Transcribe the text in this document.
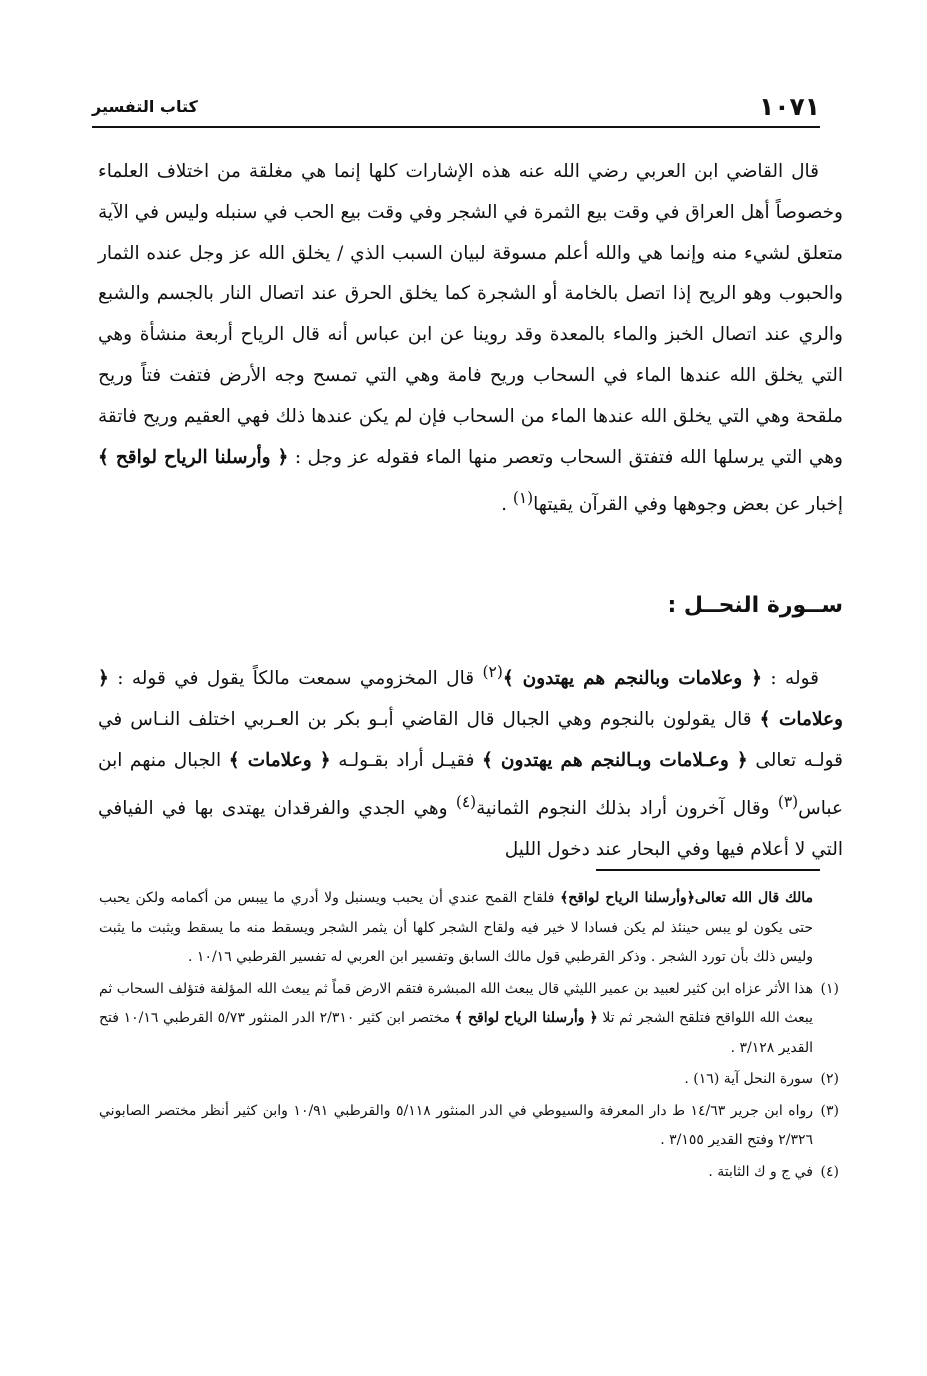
١٠٧١
كتاب التفسير

قال القاضي ابن العربي رضي الله عنه هذه الإشارات كلها إنما هي مغلقة من اختلاف العلماء وخصوصاً أهل العراق في وقت بيع الثمرة في الشجر وفي وقت بيع الحب في سنبله وليس في الآية متعلق لشيء منه وإنما هي والله أعلم مسوقة لبيان السبب الذي / يخلق الله عز وجل عنده الثمار والحبوب وهو الريح إذا اتصل بالخامة أو الشجرة كما يخلق الحرق عند اتصال النار بالجسم والشبع والري عند اتصال الخبز والماء بالمعدة وقد روينا عن ابن عباس أنه قال الرياح أربعة منشأة وهي التي يخلق الله عندها الماء في السحاب وريح فامة وهي التي تمسح وجه الأرض فتفت فتاً وريح ملقحة وهي التي يخلق الله عندها الماء من السحاب فإن لم يكن عندها ذلك فهي العقيم وريح فاتقة وهي التي يرسلها الله فتفتق السحاب وتعصر منها الماء فقوله عز وجل : ﴿ وأرسلنا الرياح لواقح ﴾ إخبار عن بعض وجوهها وفي القرآن يقيتها$^{(١)}$ .

ســورة النحــل :

قوله : ﴿ وعلامات وبالنجم هم يهتدون ﴾$^{(٢)}$ قال المخزومي سمعت مالكاً يقول في قوله : ﴿ وعلامات ﴾ قال يقولون بالنجوم وهي الجبال قال القاضي أبـو بكر بن العـربي اختلف النـاس في قولـه تعالى ﴿ وعـلامات وبـالنجم هم يهتدون ﴾ فقيـل أراد بقـولـه ﴿ وعلامات ﴾ الجبال منهم ابن عباس$^{(٣)}$ وقال آخرون أراد بذلك النجوم الثمانية$^{(٤)}$ وهي الجدي والفرقدان يهتدى بها في الفيافي التي لا أعلام فيها وفي البحار عند دخول الليل

مالك قال الله تعالى﴿وأرسلنا الرياح لواقح﴾ فلقاح القمح عندي أن يحبب ويسنبل ولا أدري ما ييبس من أكمامه ولكن يحبب حتى يكون لو يبس حينئذ لم يكن فسادا لا خير فيه ولقاح الشجر كلها أن يثمر الشجر ويسقط منه ما يسقط ويثبت ما يثبت وليس ذلك بأن تورد الشجر . وذكر القرطبي قول مالك السابق وتفسير ابن العربي له تفسير القرطبي ١٠/١٦ .

(١)
هذا الأثر عزاه ابن كثير لعبيد بن عمير الليثي قال يبعث الله المبشرة فتقم الارض قماً ثم يبعث الله المؤلفة فتؤلف السحاب ثم يبعث الله اللواقح فتلقح الشجر ثم تلا ﴿ وأرسلنا الرياح لواقح ﴾ مختصر ابن كثير ٢/٣١٠ الدر المنثور ٥/٧٣ القرطبي ١٠/١٦ فتح القدير ٣/١٢٨ .

(٢)
سورة النحل آية (١٦) .

(٣)
رواه ابن جرير ١٤/٦٣ ط دار المعرفة والسيوطي في الدر المنثور ٥/١١٨ والقرطبي ١٠/٩١ وابن كثير أنظر مختصر الصابوني ٢/٣٢٦ وفتح القدير ٣/١٥٥ .

(٤)
في ج و ك الثابتة .
